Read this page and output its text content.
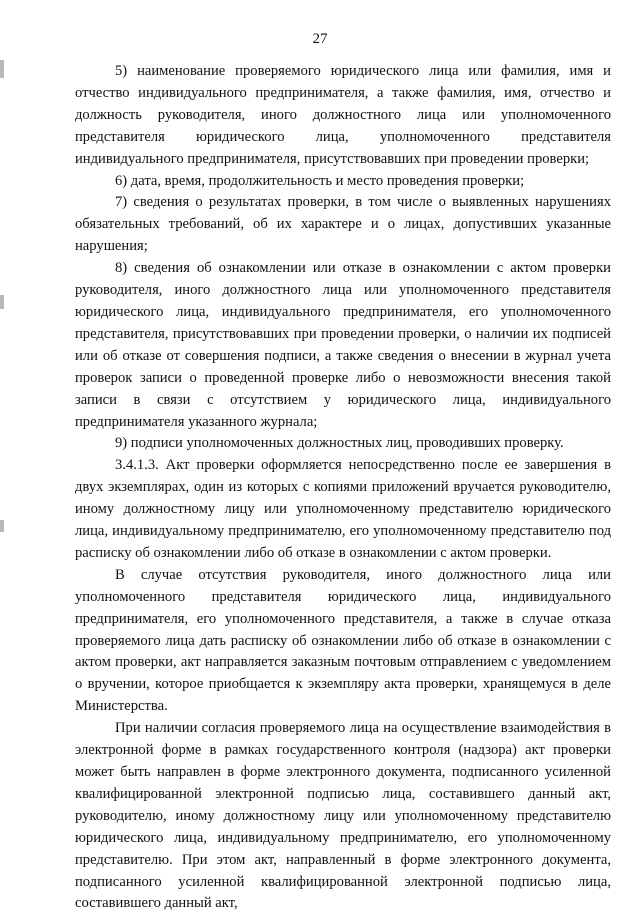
27

5) наименование проверяемого юридического лица или фамилия, имя и отчество индивидуального предпринимателя, а также фамилия, имя, отчество и должность руководителя, иного должностного лица или уполномоченного представителя юридического лица, уполномоченного представителя индивидуального предпринимателя, присутствовавших при проведении проверки;

6) дата, время, продолжительность и место проведения проверки;

7) сведения о результатах проверки, в том числе о выявленных нарушениях обязательных требований, об их характере и о лицах, допустивших указанные нарушения;

8) сведения об ознакомлении или отказе в ознакомлении с актом проверки руководителя, иного должностного лица или уполномоченного представителя юридического лица, индивидуального предпринимателя, его уполномоченного представителя, присутствовавших при проведении проверки, о наличии их подписей или об отказе от совершения подписи, а также сведения о внесении в журнал учета проверок записи о проведенной проверке либо о невозможности внесения такой записи в связи с отсутствием у юридического лица, индивидуального предпринимателя указанного журнала;

9) подписи уполномоченных должностных лиц, проводивших проверку.

3.4.1.3. Акт проверки оформляется непосредственно после ее завершения в двух экземплярах, один из которых с копиями приложений вручается руководителю, иному должностному лицу или уполномоченному представителю юридического лица, индивидуальному предпринимателю, его уполномоченному представителю под расписку об ознакомлении либо об отказе в ознакомлении с актом проверки.

В случае отсутствия руководителя, иного должностного лица или уполномоченного представителя юридического лица, индивидуального предпринимателя, его уполномоченного представителя, а также в случае отказа проверяемого лица дать расписку об ознакомлении либо об отказе в ознакомлении с актом проверки, акт направляется заказным почтовым отправлением с уведомлением о вручении, которое приобщается к экземпляру акта проверки, хранящемуся в деле Министерства.

При наличии согласия проверяемого лица на осуществление взаимодействия в электронной форме в рамках государственного контроля (надзора) акт проверки может быть направлен в форме электронного документа, подписанного усиленной квалифицированной электронной подписью лица, составившего данный акт, руководителю, иному должностному лицу или уполномоченному представителю юридического лица, индивидуальному предпринимателю, его уполномоченному представителю. При этом акт, направленный в форме электронного документа, подписанного усиленной квалифицированной электронной подписью лица, составившего данный акт,
